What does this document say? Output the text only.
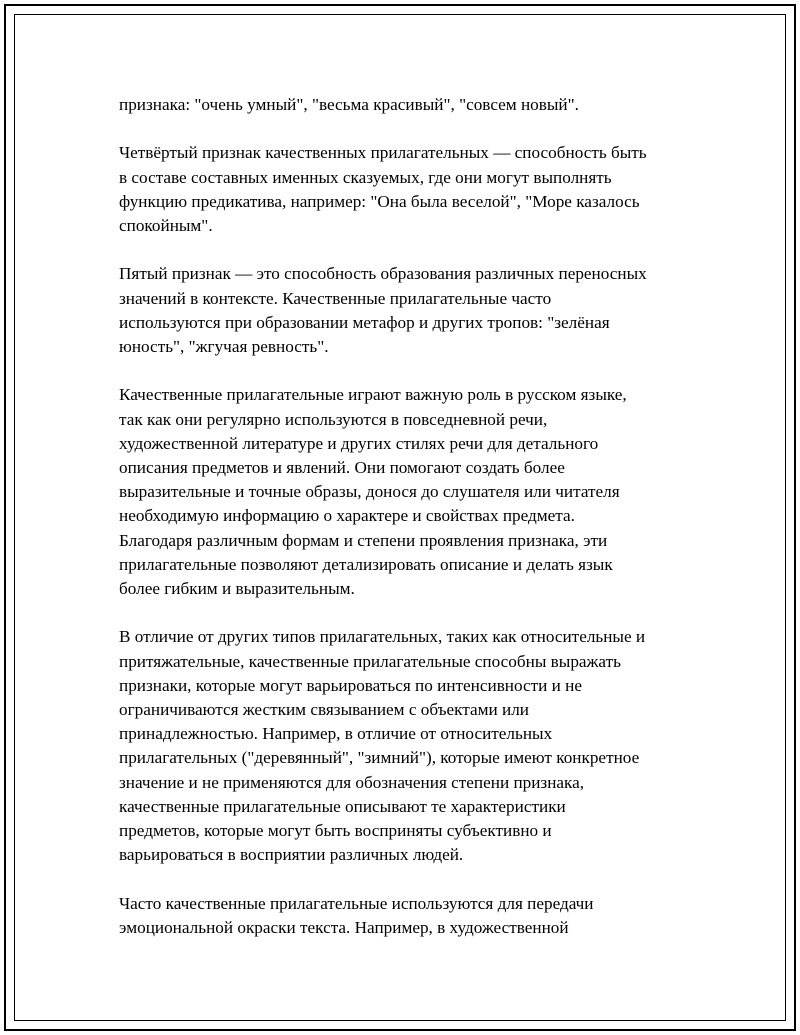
признака: "очень умный", "весьма красивый", "совсем новый".

Четвёртый признак качественных прилагательных — способность быть
в составе составных именных сказуемых, где они могут выполнять
функцию предикатива, например: "Она была веселой", "Море казалось
спокойным".

Пятый признак — это способность образования различных переносных
значений в контексте. Качественные прилагательные часто
используются при образовании метафор и других тропов: "зелёная
юность", "жгучая ревность".

Качественные прилагательные играют важную роль в русском языке,
так как они регулярно используются в повседневной речи,
художественной литературе и других стилях речи для детального
описания предметов и явлений. Они помогают создать более
выразительные и точные образы, донося до слушателя или читателя
необходимую информацию о характере и свойствах предмета.
Благодаря различным формам и степени проявления признака, эти
прилагательные позволяют детализировать описание и делать язык
более гибким и выразительным.

В отличие от других типов прилагательных, таких как относительные и
притяжательные, качественные прилагательные способны выражать
признаки, которые могут варьироваться по интенсивности и не
ограничиваются жестким связыванием с объектами или
принадлежностью. Например, в отличие от относительных
прилагательных ("деревянный", "зимний"), которые имеют конкретное
значение и не применяются для обозначения степени признака,
качественные прилагательные описывают те характеристики
предметов, которые могут быть восприняты субъективно и
варьироваться в восприятии различных людей.

Часто качественные прилагательные используются для передачи
эмоциональной окраски текста. Например, в художественной
